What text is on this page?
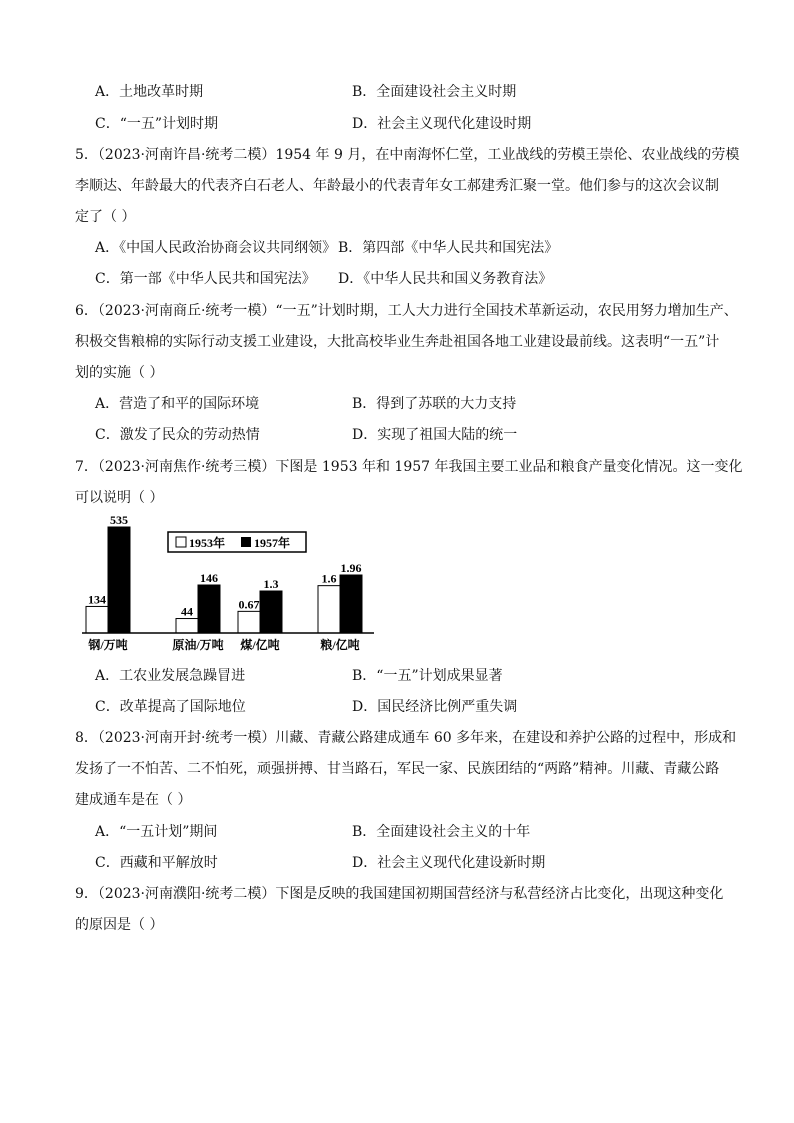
A．土地改革时期	B．全面建设社会主义时期
C．“一五”计划时期	D．社会主义现代化建设时期
5．（2023·河南许昌·统考二模）1954 年 9 月，在中南海怀仁堂，工业战线的劳模王崇伦、农业战线的劳模
李顺达、年龄最大的代表齐白石老人、年龄最小的代表青年女工郝建秀汇聚一堂。他们参与的这次会议制
定了（ ）
A．《中国人民政治协商会议共同纲领》 B．第四部《中华人民共和国宪法》
C．第一部《中华人民共和国宪法》 D．《中华人民共和国义务教育法》
6．（2023·河南商丘·统考一模）“一五”计划时期，工人大力进行全国技术革新运动，农民用努力增加生产、
积极交售粮棉的实际行动支援工业建设，大批高校毕业生奔赴祖国各地工业建设最前线。这表明“一五”计
划的实施（ ）
A．营造了和平的国际环境	B．得到了苏联的大力支持
C．激发了民众的劳动热情	D．实现了祖国大陆的统一
7．（2023·河南焦作·统考三模）下图是 1953 年和 1957 年我国主要工业品和粮食产量变化情况。这一变化
可以说明（ ）
1953年 1957年
134
535
44
146
0.67
1.3	1.6
1.96
钢/万吨	原油/万吨 煤/亿吨	粮/亿吨
A．工农业发展急躁冒进	B．“一五”计划成果显著
C．改革提高了国际地位	D．国民经济比例严重失调
8．（2023·河南开封·统考一模）川藏、青藏公路建成通车 60 多年来，在建设和养护公路的过程中，形成和
发扬了一不怕苦、二不怕死，顽强拼搏、甘当路石，军民一家、民族团结的“两路”精神。川藏、青藏公路
建成通车是在（ ）
A．“一五计划”期间	B．全面建设社会主义的十年
C．西藏和平解放时	D．社会主义现代化建设新时期
9．（2023·河南濮阳·统考二模）下图是反映的我国建国初期国营经济与私营经济占比变化，出现这种变化
的原因是（ ）
